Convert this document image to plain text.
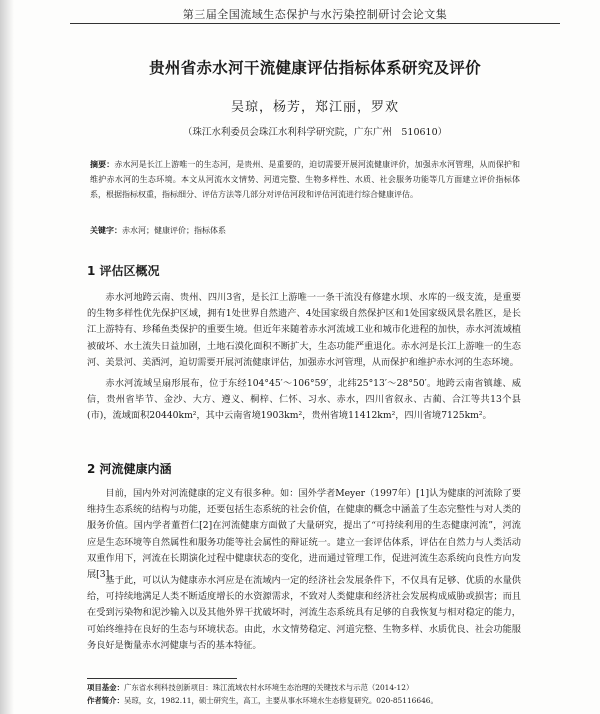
第三届全国流域生态保护与水污染控制研讨会论文集
贵州省赤水河干流健康评估指标体系研究及评价
吴琼，杨芳，郑江丽，罗欢
（珠江水利委员会珠江水利科学研究院，广东广州　510610）
摘要：赤水河是长江上游唯一的生态河，是贵州、是重要的，迫切需要开展河流健康评价，加强赤水河管理，从而保护和维护赤水河的生态环境。本文从河流水文情势、河道完整、生物多样性、水质、社会服务功能等几方面建立评价指标体系，根据指标权重，指标细分、评估方法等几部分对评估河段和评估河流进行综合健康评估。
关键字：赤水河；健康评价；指标体系
1 评估区概况

赤水河地跨云南、贵州、四川3省，是长江上游唯一一条干流没有修建水坝、水库的一级支流，是重要的生物多样性优先保护区域，拥有1处世界自然遗产、4处国家级自然保护区和1处国家级风景名胜区，是长江上游特有、珍稀鱼类保护的重要生境。但近年来随着赤水河流域工业和城市化进程的加快，赤水河流域植被破坏、水土流失日益加剧，土地石漠化面积不断扩大，生态功能严重退化。赤水河是长江上游唯一的生态河、美景河、美酒河，迫切需要开展河流健康评估，加强赤水河管理，从而保护和维护赤水河的生态环境。

赤水河流域呈扇形展布，位于东经104°45′～106°59′，北纬25°13′～28°50′。地跨云南省镇雄、威信，贵州省毕节、金沙、大方、遵义、桐梓、仁怀、习水、赤水，四川省叙永、古蔺、合江等共13个县(市)，流域面积20440km²，其中云南省境1903km²，贵州省境11412km²，四川省境7125km²。

2 河流健康内涵

目前，国内外对河流健康的定义有很多种。如：国外学者Meyer（1997年）[1]认为健康的河流除了要维持生态系统的结构与功能，还要包括生态系统的社会价值，在健康的概念中涵盖了生态完整性与对人类的服务价值。国内学者董哲仁[2]在河流健康方面做了大量研究，提出了“可持续利用的生态健康河流”，河流应是生态环境等自然属性和服务功能等社会属性的辩证统一。建立一套评估体系，评估在自然力与人类活动双重作用下，河流在长期演化过程中健康状态的变化，进而通过管理工作，促进河流生态系统向良性方向发展[3]。

基于此，可以认为健康赤水河应是在流域内一定的经济社会发展条件下，不仅具有足够、优质的水量供给，可持续地满足人类不断适度增长的水资源需求，不致对人类健康和经济社会发展构成威胁或损害；而且在受到污染物和泥沙输入以及其他外界干扰破坏时，河流生态系统具有足够的自我恢复与相对稳定的能力，可始终维持在良好的生态与环境状态。由此，水文情势稳定、河道完整、生物多样、水质优良、社会功能服务良好是衡量赤水河健康与否的基本特征。

项目基金：广东省水利科技创新项目：珠江流域农村水环境生态治理的关键技术与示范（2014-12）
作者简介：吴琼，女，1982.11，硕士研究生，高工，主要从事水环境水生态修复研究。020-85116646。
